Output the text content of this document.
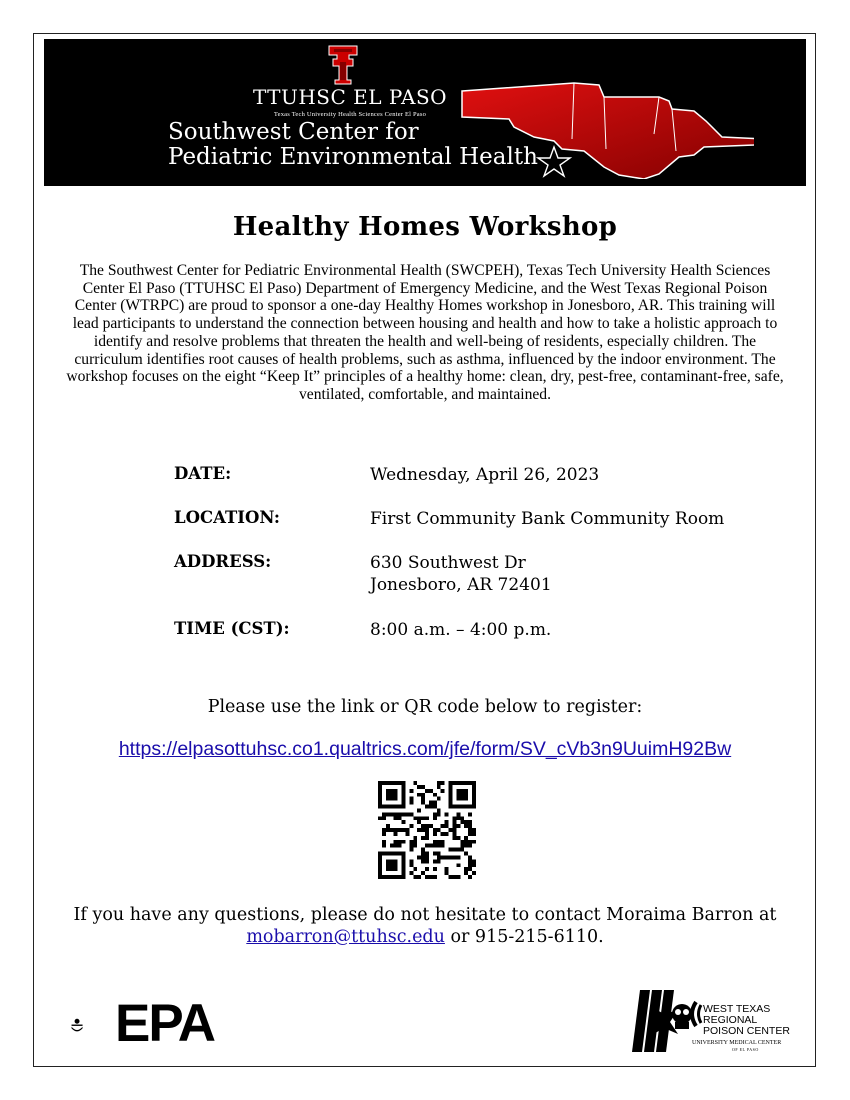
TTUHSC EL PASO
Texas Tech University Health Sciences Center El Paso
Southwest Center for
Pediatric Environmental Health
Healthy Homes Workshop
The Southwest Center for Pediatric Environmental Health (SWCPEH), Texas Tech University Health Sciences Center El Paso (TTUHSC El Paso) Department of Emergency Medicine, and the West Texas Regional Poison Center (WTRPC) are proud to sponsor a one-day Healthy Homes workshop in Jonesboro, AR. This training will lead participants to understand the connection between housing and health and how to take a holistic approach to identify and resolve problems that threaten the health and well-being of residents, especially children. The curriculum identifies root causes of health problems, such as asthma, influenced by the indoor environment. The workshop focuses on the eight “Keep It” principles of a healthy home: clean, dry, pest-free, contaminant-free, safe, ventilated, comfortable, and maintained.
DATE:	Wednesday, April 26, 2023
LOCATION:	First Community Bank Community Room
ADDRESS:	630 Southwest Dr
Jonesboro, AR 72401
TIME (CST):	8:00 a.m. – 4:00 p.m.
Please use the link or QR code below to register:
https://elpasottuhsc.co1.qualtrics.com/jfe/form/SV_cVb3n9UuimH92Bw
If you have any questions, please do not hesitate to contact Moraima Barron at
mobarron@ttuhsc.edu or 915-215-6110.
EPA	WEST TEXAS
REGIONAL
POISON CENTER
UNIVERSITY MEDICAL CENTER
OF EL PASO
